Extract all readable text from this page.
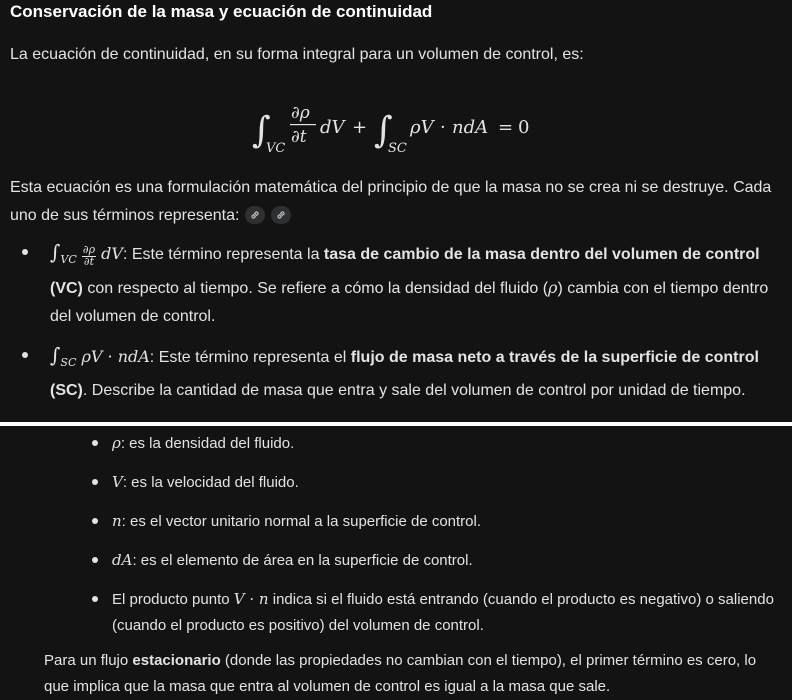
Conservación de la masa y ecuación de continuidad
La ecuación de continuidad, en su forma integral para un volumen de control, es:
∫
VC
∂ρ
∂t dV + ∫
SC
ρV · ndA = 0
Esta ecuación es una formulación matemática del principio de que la masa no se crea ni se destruye. Cada uno de sus términos representa:
$\int_{VC} \frac{\partial\rho}{\partial t}$ dV: Este término representa la tasa de cambio de la masa dentro del volumen de control (VC) con respecto al tiempo. Se refiere a cómo la densidad del fluido (ρ) cambia con el tiempo dentro del volumen de control.
$\int_{SC}$ ρV · ndA: Este término representa el flujo de masa neto a través de la superficie de control (SC). Describe la cantidad de masa que entra y sale del volumen de control por unidad de tiempo.
ρ: es la densidad del fluido.
V: es la velocidad del fluido.
n: es el vector unitario normal a la superficie de control.
dA: es el elemento de área en la superficie de control.
El producto punto V · n indica si el fluido está entrando (cuando el producto es negativo) o saliendo (cuando el producto es positivo) del volumen de control.
Para un flujo estacionario (donde las propiedades no cambian con el tiempo), el primer término es cero, lo que implica que la masa que entra al volumen de control es igual a la masa que sale.
